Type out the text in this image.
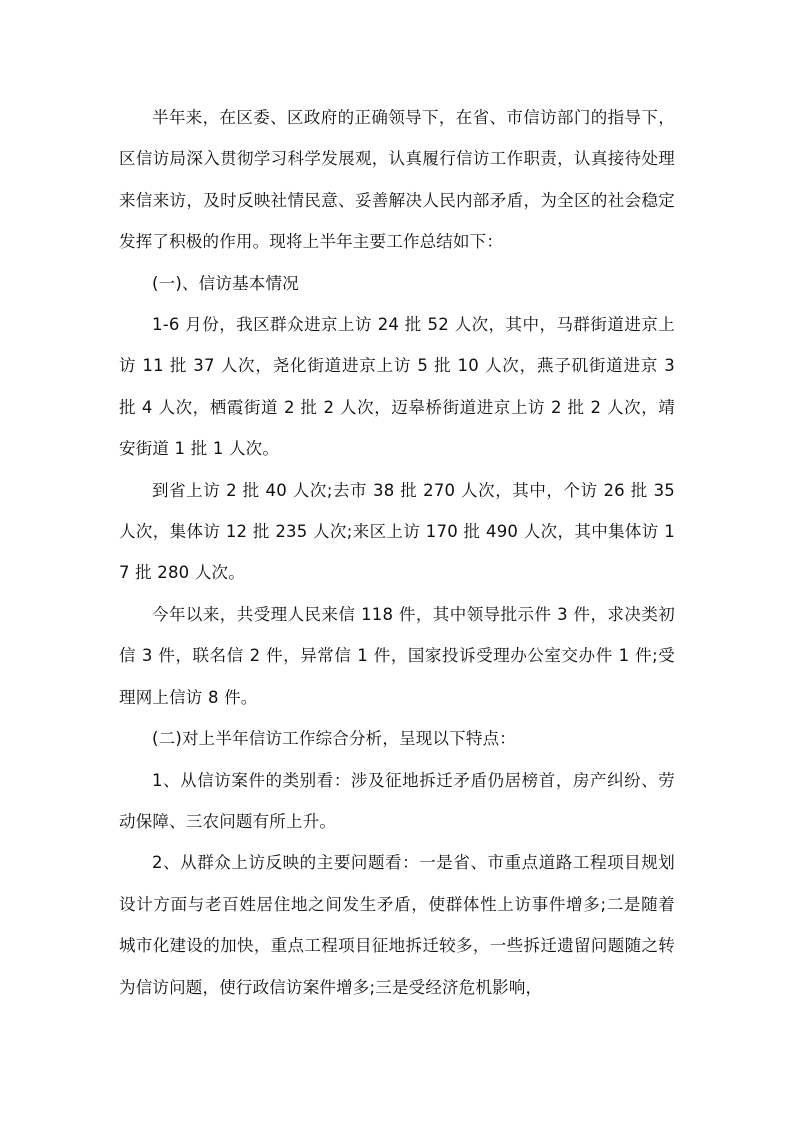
半年来，在区委、区政府的正确领导下，在省、市信访部门的指导下，区信访局深入贯彻学习科学发展观，认真履行信访工作职责，认真接待处理来信来访，及时反映社情民意、妥善解决人民内部矛盾，为全区的社会稳定发挥了积极的作用。现将上半年主要工作总结如下：

(一)、信访基本情况

1-6 月份，我区群众进京上访 24 批 52 人次，其中，马群街道进京上访 11 批 37 人次，尧化街道进京上访 5 批 10 人次，燕子矶街道进京 3 批 4 人次，栖霞街道 2 批 2 人次，迈皋桥街道进京上访 2 批 2 人次，靖安街道 1 批 1 人次。

到省上访 2 批 40 人次;去市 38 批 270 人次，其中，个访 26 批 35 人次，集体访 12 批 235 人次;来区上访 170 批 490 人次，其中集体访 17 批 280 人次。

今年以来，共受理人民来信 118 件，其中领导批示件 3 件，求决类初信 3 件，联名信 2 件，异常信 1 件，国家投诉受理办公室交办件 1 件;受理网上信访 8 件。

(二)对上半年信访工作综合分析，呈现以下特点：

1、从信访案件的类别看：涉及征地拆迁矛盾仍居榜首，房产纠纷、劳动保障、三农问题有所上升。

2、从群众上访反映的主要问题看：一是省、市重点道路工程项目规划设计方面与老百姓居住地之间发生矛盾，使群体性上访事件增多;二是随着城市化建设的加快，重点工程项目征地拆迁较多，一些拆迁遗留问题随之转为信访问题，使行政信访案件增多;三是受经济危机影响，
